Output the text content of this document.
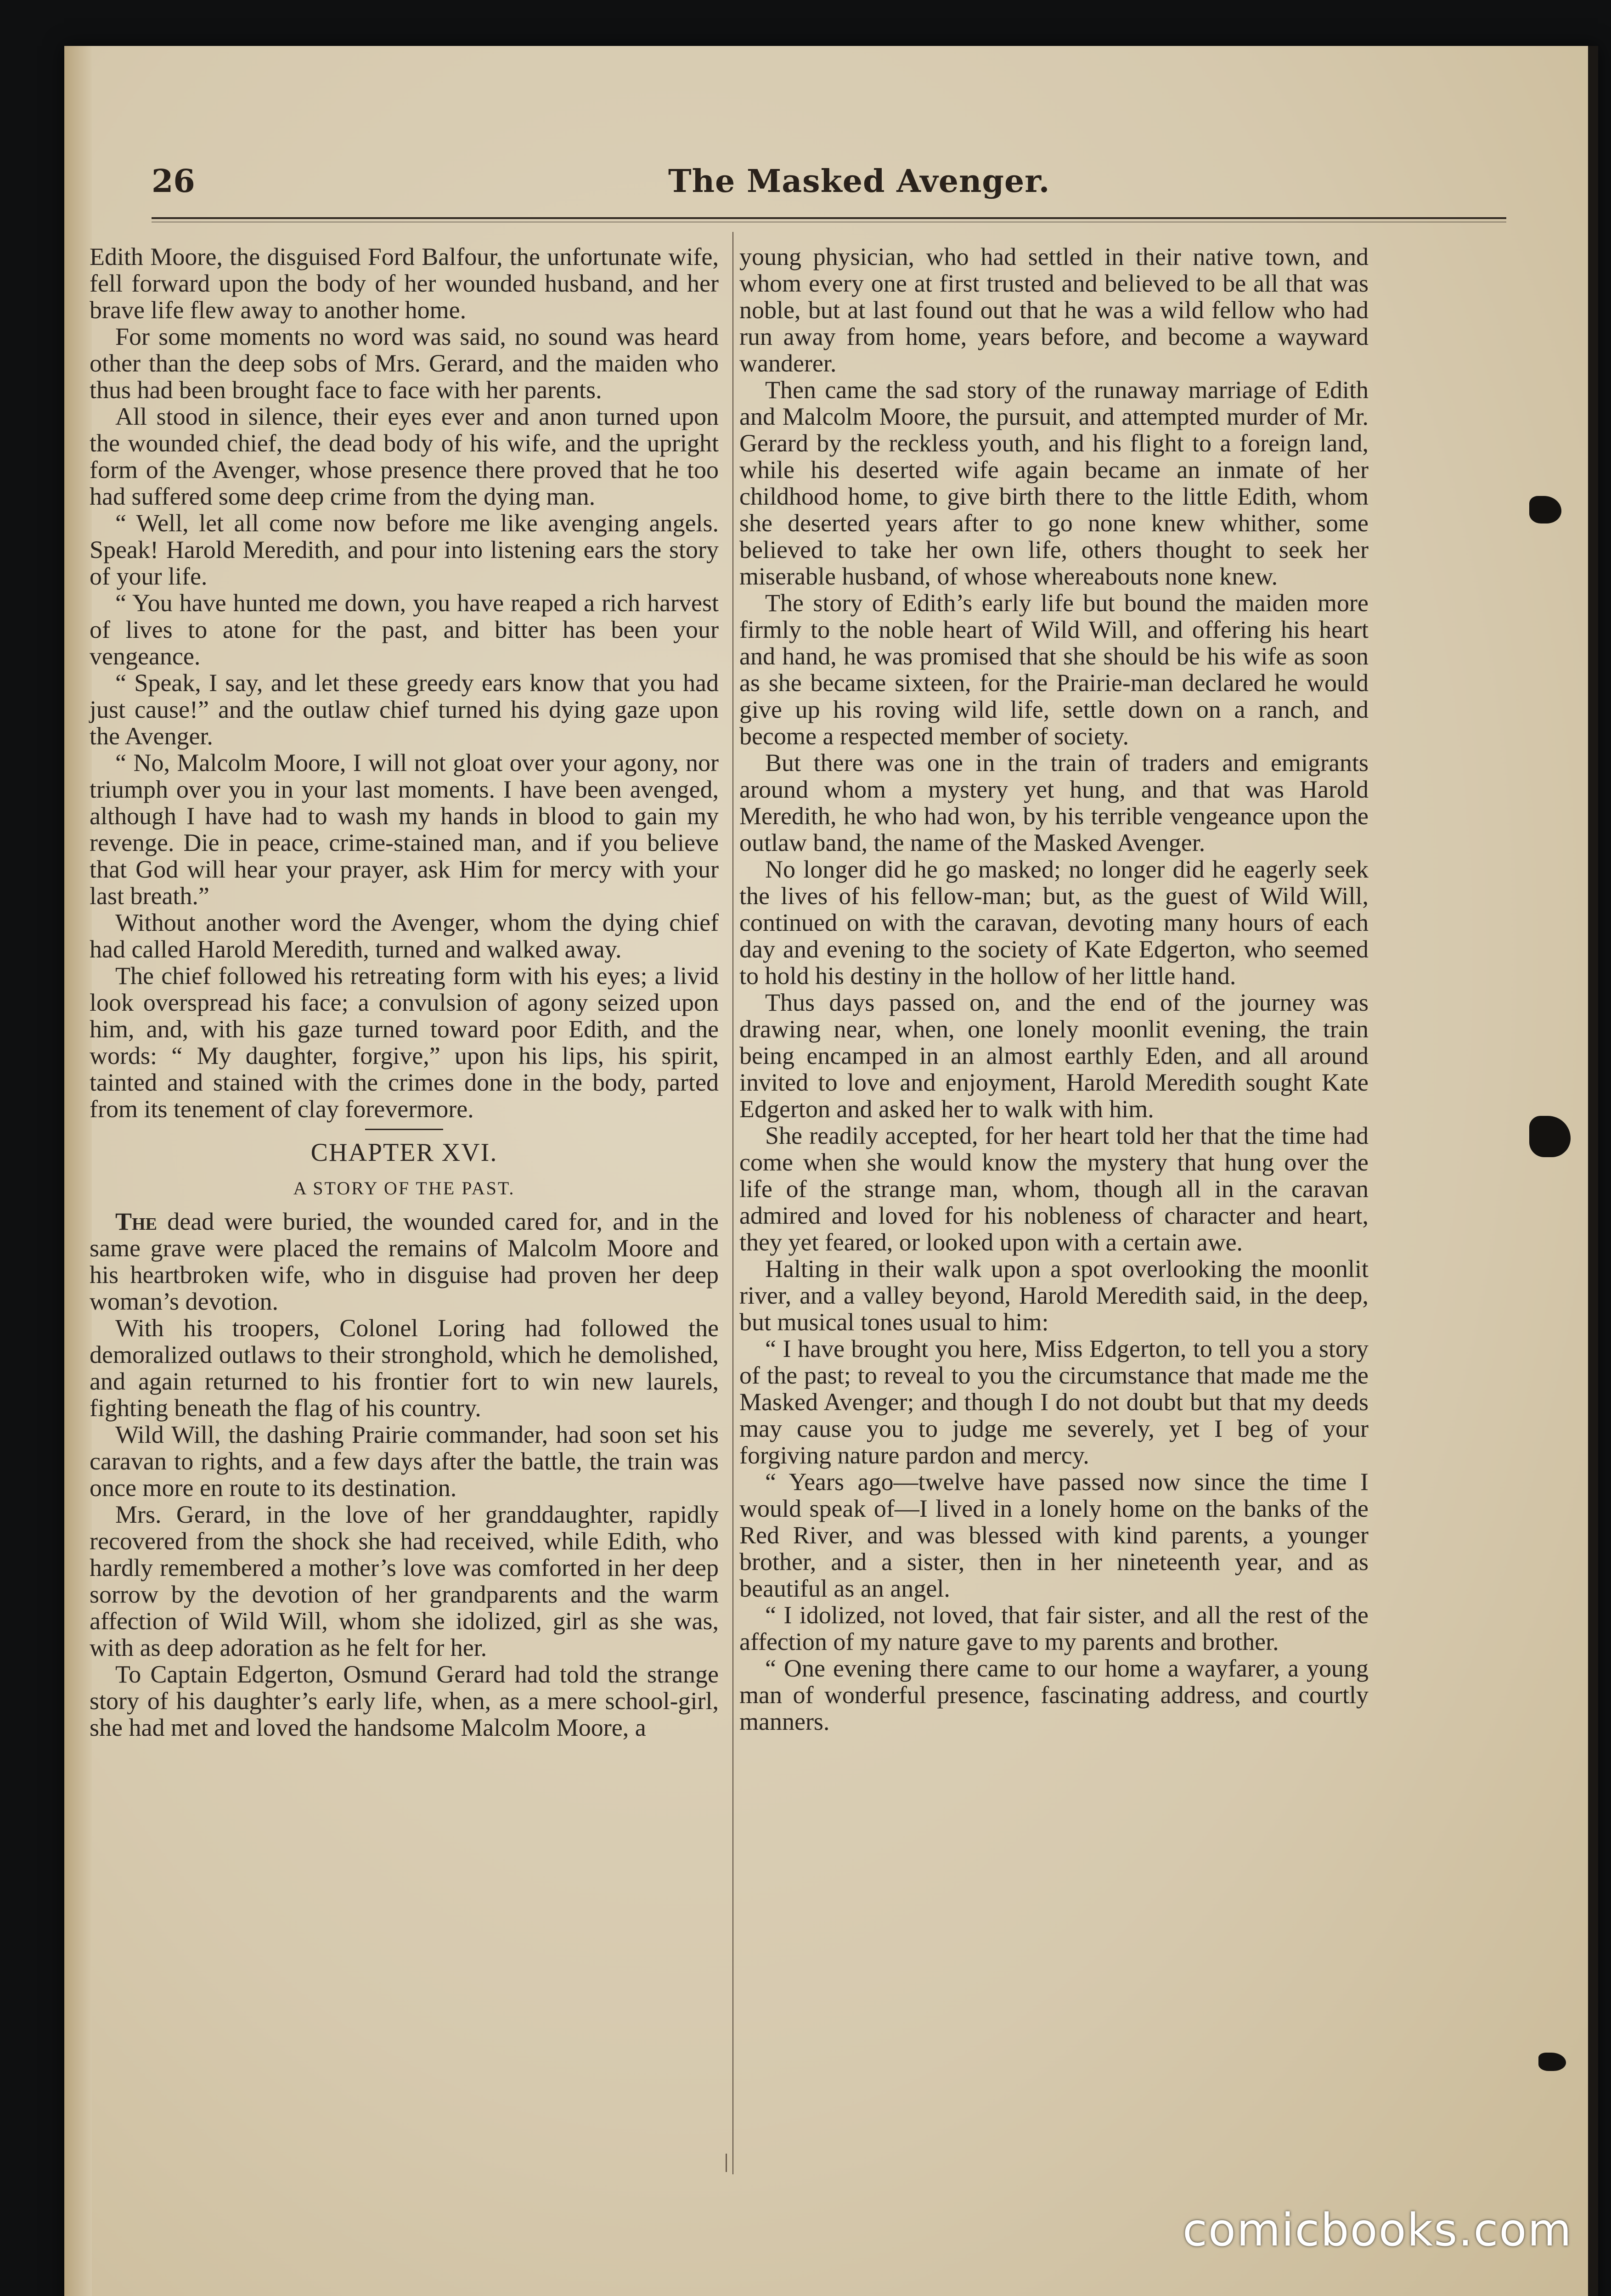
26	The Masked Avenger.

Edith Moore, the disguised Ford Balfour, the unfortunate wife, fell forward upon the body of her wounded husband, and her brave life flew away to another home.

For some moments no word was said, no sound was heard other than the deep sobs of Mrs. Gerard, and the maiden who thus had been brought face to face with her parents.

All stood in silence, their eyes ever and anon turned upon the wounded chief, the dead body of his wife, and the upright form of the Avenger, whose presence there proved that he too had suffered some deep crime from the dying man.

“ Well, let all come now before me like avenging angels. Speak! Harold Meredith, and pour into listening ears the story of your life.

“ You have hunted me down, you have reaped a rich harvest of lives to atone for the past, and bitter has been your vengeance.

“ Speak, I say, and let these greedy ears know that you had just cause!” and the outlaw chief turned his dying gaze upon the Avenger.

“ No, Malcolm Moore, I will not gloat over your agony, nor triumph over you in your last moments. I have been avenged, although I have had to wash my hands in blood to gain my revenge. Die in peace, crime-stained man, and if you believe that God will hear your prayer, ask Him for mercy with your last breath.”

Without another word the Avenger, whom the dying chief had called Harold Meredith, turned and walked away.

The chief followed his retreating form with his eyes; a livid look overspread his face; a convulsion of agony seized upon him, and, with his gaze turned toward poor Edith, and the words: “ My daughter, forgive,” upon his lips, his spirit, tainted and stained with the crimes done in the body, parted from its tenement of clay forevermore.

CHAPTER XVI.

A STORY OF THE PAST.

The dead were buried, the wounded cared for, and in the same grave were placed the remains of Malcolm Moore and his heartbroken wife, who in disguise had proven her deep woman’s devotion.

With his troopers, Colonel Loring had followed the demoralized outlaws to their stronghold, which he demolished, and again returned to his frontier fort to win new laurels, fighting beneath the flag of his country.

Wild Will, the dashing Prairie commander, had soon set his caravan to rights, and a few days after the battle, the train was once more en route to its destination.

Mrs. Gerard, in the love of her granddaughter, rapidly recovered from the shock she had received, while Edith, who hardly remembered a mother’s love was comforted in her deep sorrow by the devotion of her grandparents and the warm affection of Wild Will, whom she idolized, girl as she was, with as deep adoration as he felt for her.

To Captain Edgerton, Osmund Gerard had told the strange story of his daughter’s early life, when, as a mere school-girl, she had met and loved the handsome Malcolm Moore, a

young physician, who had settled in their native town, and whom every one at first trusted and believed to be all that was noble, but at last found out that he was a wild fellow who had run away from home, years before, and become a wayward wanderer.

Then came the sad story of the runaway marriage of Edith and Malcolm Moore, the pursuit, and attempted murder of Mr. Gerard by the reckless youth, and his flight to a foreign land, while his deserted wife again became an inmate of her childhood home, to give birth there to the little Edith, whom she deserted years after to go none knew whither, some believed to take her own life, others thought to seek her miserable husband, of whose whereabouts none knew.

The story of Edith’s early life but bound the maiden more firmly to the noble heart of Wild Will, and offering his heart and hand, he was promised that she should be his wife as soon as she became sixteen, for the Prairie-man declared he would give up his roving wild life, settle down on a ranch, and become a respected member of society.

But there was one in the train of traders and emigrants around whom a mystery yet hung, and that was Harold Meredith, he who had won, by his terrible vengeance upon the outlaw band, the name of the Masked Avenger.

No longer did he go masked; no longer did he eagerly seek the lives of his fellow-man; but, as the guest of Wild Will, continued on with the caravan, devoting many hours of each day and evening to the society of Kate Edgerton, who seemed to hold his destiny in the hollow of her little hand.

Thus days passed on, and the end of the journey was drawing near, when, one lonely moonlit evening, the train being encamped in an almost earthly Eden, and all around invited to love and enjoyment, Harold Meredith sought Kate Edgerton and asked her to walk with him.

She readily accepted, for her heart told her that the time had come when she would know the mystery that hung over the life of the strange man, whom, though all in the caravan admired and loved for his nobleness of character and heart, they yet feared, or looked upon with a certain awe.

Halting in their walk upon a spot overlooking the moonlit river, and a valley beyond, Harold Meredith said, in the deep, but musical tones usual to him:

“ I have brought you here, Miss Edgerton, to tell you a story of the past; to reveal to you the circumstance that made me the Masked Avenger; and though I do not doubt but that my deeds may cause you to judge me severely, yet I beg of your forgiving nature pardon and mercy.

“ Years ago—twelve have passed now since the time I would speak of—I lived in a lonely home on the banks of the Red River, and was blessed with kind parents, a younger brother, and a sister, then in her nineteenth year, and as beautiful as an angel.

“ I idolized, not loved, that fair sister, and all the rest of the affection of my nature gave to my parents and brother.

“ One evening there came to our home a wayfarer, a young man of wonderful presence, fascinating address, and courtly manners.

comicbooks.com
